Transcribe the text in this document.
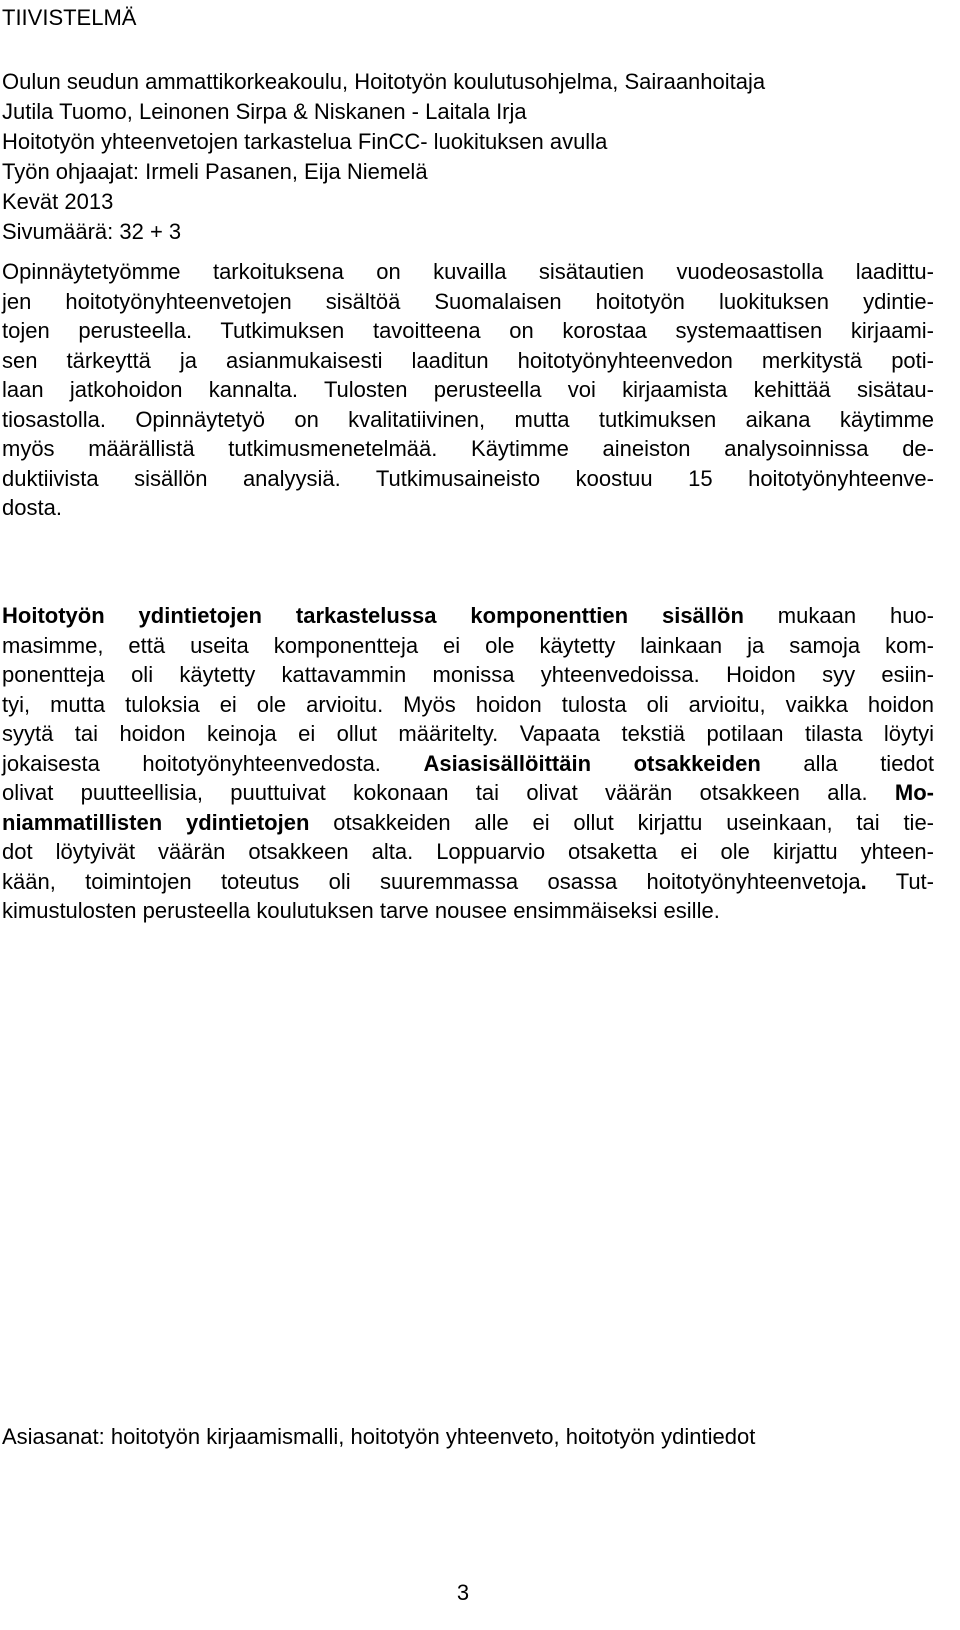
TIIVISTELMÄ
Oulun seudun ammattikorkeakoulu, Hoitotyön koulutusohjelma, Sairaanhoitaja
Jutila Tuomo, Leinonen Sirpa & Niskanen - Laitala Irja
Hoitotyön yhteenvetojen tarkastelua FinCC- luokituksen avulla
Työn ohjaajat: Irmeli Pasanen, Eija Niemelä
Kevät 2013
Sivumäärä: 32 + 3
Opinnäytetyömme tarkoituksena on kuvailla sisätautien vuodeosastolla laadittu-
jen hoitotyönyhteenvetojen sisältöä Suomalaisen hoitotyön luokituksen ydintie-
tojen perusteella. Tutkimuksen tavoitteena on korostaa systemaattisen kirjaami-
sen tärkeyttä ja asianmukaisesti laaditun hoitotyönyhteenvedon merkitystä poti-
laan jatkohoidon kannalta. Tulosten perusteella voi kirjaamista kehittää sisätau-
tiosastolla. Opinnäytetyö on kvalitatiivinen, mutta tutkimuksen aikana käytimme
myös määrällistä tutkimusmenetelmää. Käytimme aineiston analysoinnissa de-
duktiivista sisällön analyysiä. Tutkimusaineisto koostuu 15 hoitotyönyhteenve-
dosta.
Hoitotyön ydintietojen tarkastelussa komponenttien sisällön mukaan huo-
masimme, että useita komponentteja ei ole käytetty lainkaan ja samoja kom-
ponentteja oli käytetty kattavammin monissa yhteenvedoissa. Hoidon syy esiin-
tyi, mutta tuloksia ei ole arvioitu. Myös hoidon tulosta oli arvioitu, vaikka hoidon
syytä tai hoidon keinoja ei ollut määritelty. Vapaata tekstiä potilaan tilasta löytyi
jokaisesta hoitotyönyhteenvedosta. Asiasisällöittäin otsakkeiden alla tiedot
olivat puutteellisia, puuttuivat kokonaan tai olivat väärän otsakkeen alla. Mo-
niammatillisten ydintietojen otsakkeiden alle ei ollut kirjattu useinkaan, tai tie-
dot löytyivät väärän otsakkeen alta. Loppuarvio otsaketta ei ole kirjattu yhteen-
kään, toimintojen toteutus oli suuremmassa osassa hoitotyönyhteenvetoja. Tut-
kimustulosten perusteella koulutuksen tarve nousee ensimmäiseksi esille.
Asiasanat: hoitotyön kirjaamismalli, hoitotyön yhteenveto, hoitotyön ydintiedot
3
